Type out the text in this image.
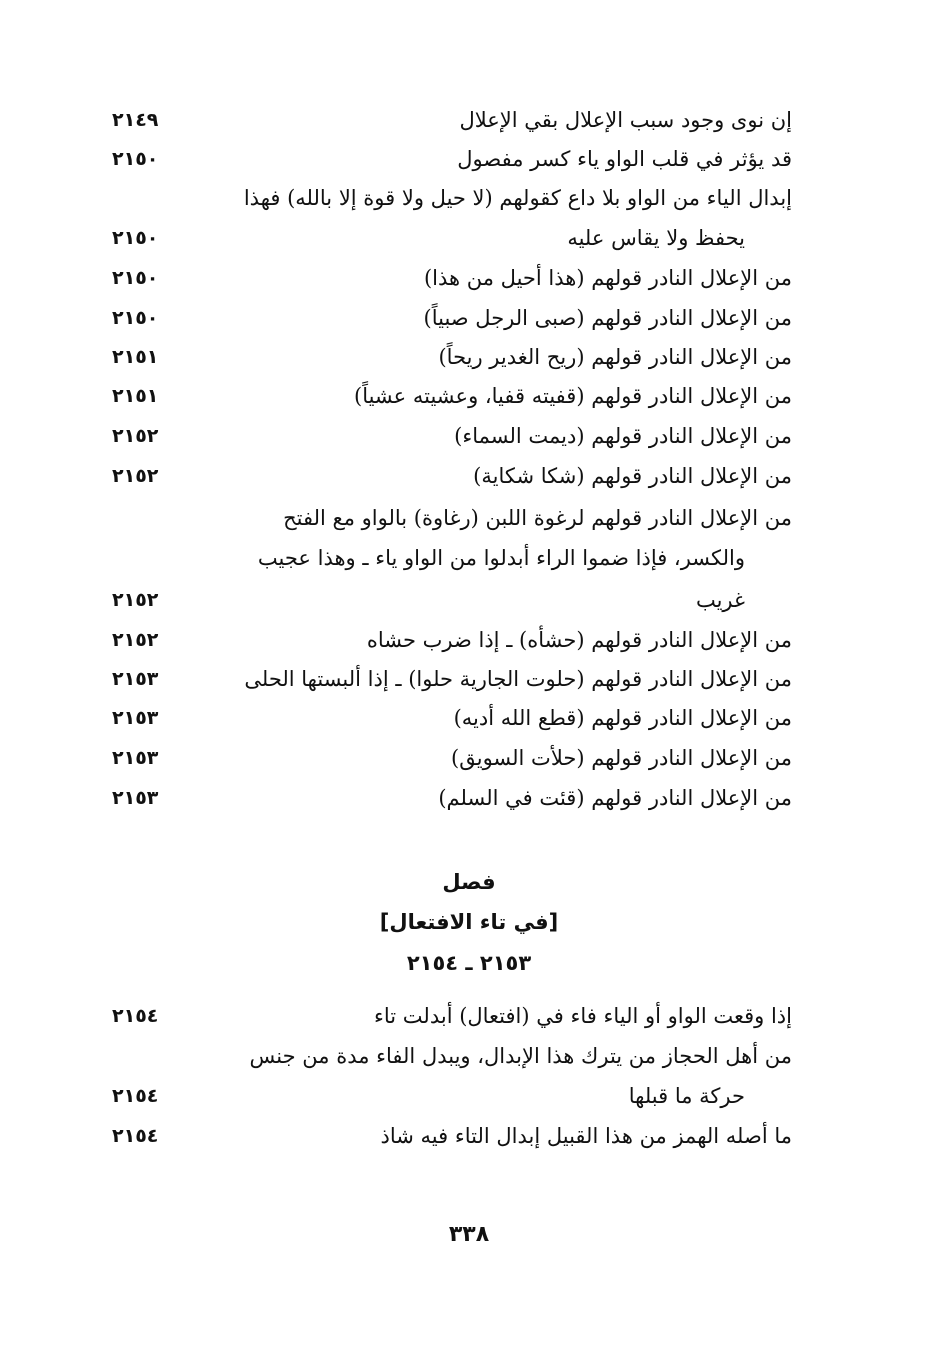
إن نوى وجود سبب الإعلال بقي الإعلال
٢١٤٩
قد يؤثر في قلب الواو ياء كسر مفصول
٢١٥٠
إبدال الياء من الواو بلا داع كقولهم (لا حيل ولا قوة إلا بالله) فهذا
يحفظ ولا يقاس عليه
٢١٥٠
من الإعلال النادر قولهم (هذا أحيل من هذا)
٢١٥٠
من الإعلال النادر قولهم (صبى الرجل صبياً)
٢١٥٠
من الإعلال النادر قولهم (ريح الغدير ريحاً)
٢١٥١
من الإعلال النادر قولهم (قفيته قفيا، وعشيته عشياً)
٢١٥١
من الإعلال النادر قولهم (ديمت السماء)
٢١٥٢
من الإعلال النادر قولهم (شكا شكاية)
٢١٥٢
من الإعلال النادر قولهم لرغوة اللبن (رغاوة) بالواو مع الفتح
والكسر، فإذا ضموا الراء أبدلوا من الواو ياء ـ وهذا عجيب
غريب
٢١٥٢
من الإعلال النادر قولهم (حشأه) ـ إذا ضرب حشاه
٢١٥٢
من الإعلال النادر قولهم (حلوت الجارية حلوا) ـ إذا ألبستها الحلى
٢١٥٣
من الإعلال النادر قولهم (قطع الله أديه)
٢١٥٣
من الإعلال النادر قولهم (حلأت السويق)
٢١٥٣
من الإعلال النادر قولهم (قئت في السلم)
٢١٥٣
فصل
[في تاء الافتعال]
٢١٥٣ ـ ٢١٥٤
إذا وقعت الواو أو الياء فاء في (افتعال) أبدلت تاء
٢١٥٤
من أهل الحجاز من يترك هذا الإبدال، ويبدل الفاء مدة من جنس
حركة ما قبلها
٢١٥٤
ما أصله الهمز من هذا القبيل إبدال التاء فيه شاذ
٢١٥٤
٣٣٨
